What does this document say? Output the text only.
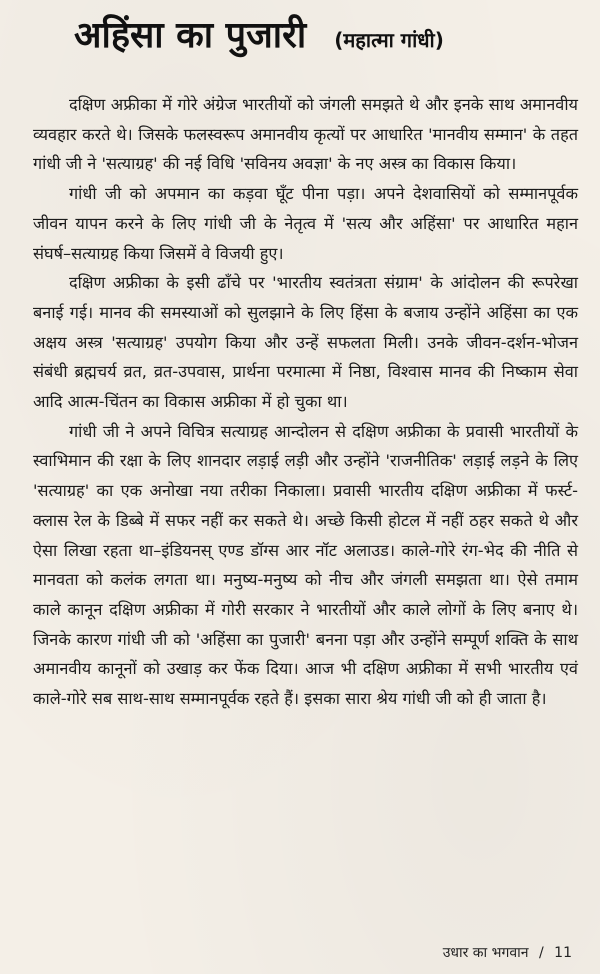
अहिंसा का पुजारी (महात्मा गांधी)

दक्षिण अफ्रीका में गोरे अंग्रेज भारतीयों को जंगली समझते थे और इनके साथ अमानवीय व्यवहार करते थे। जिसके फलस्वरूप अमानवीय कृत्यों पर आधारित 'मानवीय सम्मान' के तहत गांधी जी ने 'सत्याग्रह' की नई विधि 'सविनय अवज्ञा' के नए अस्त्र का विकास किया।

गांधी जी को अपमान का कड़वा घूँट पीना पड़ा। अपने देशवासियों को सम्मानपूर्वक जीवन यापन करने के लिए गांधी जी के नेतृत्व में 'सत्य और अहिंसा' पर आधारित महान संघर्ष–सत्याग्रह किया जिसमें वे विजयी हुए।

दक्षिण अफ्रीका के इसी ढाँचे पर 'भारतीय स्वतंत्रता संग्राम' के आंदोलन की रूपरेखा बनाई गई। मानव की समस्याओं को सुलझाने के लिए हिंसा के बजाय उन्होंने अहिंसा का एक अक्षय अस्त्र 'सत्याग्रह' उपयोग किया और उन्हें सफलता मिली। उनके जीवन-दर्शन-भोजन संबंधी ब्रह्मचर्य व्रत, व्रत-उपवास, प्रार्थना परमात्मा में निष्ठा, विश्वास मानव की निष्काम सेवा आदि आत्म-चिंतन का विकास अफ्रीका में हो चुका था।

गांधी जी ने अपने विचित्र सत्याग्रह आन्दोलन से दक्षिण अफ्रीका के प्रवासी भारतीयों के स्वाभिमान की रक्षा के लिए शानदार लड़ाई लड़ी और उन्होंने 'राजनीतिक' लड़ाई लड़ने के लिए 'सत्याग्रह' का एक अनोखा नया तरीका निकाला। प्रवासी भारतीय दक्षिण अफ्रीका में फर्स्ट-क्लास रेल के डिब्बे में सफर नहीं कर सकते थे। अच्छे किसी होटल में नहीं ठहर सकते थे और ऐसा लिखा रहता था–इंडियनस् एण्ड डॉग्स आर नॉट अलाउड। काले-गोरे रंग-भेद की नीति से मानवता को कलंक लगता था। मनुष्य-मनुष्य को नीच और जंगली समझता था। ऐसे तमाम काले कानून दक्षिण अफ्रीका में गोरी सरकार ने भारतीयों और काले लोगों के लिए बनाए थे। जिनके कारण गांधी जी को 'अहिंसा का पुजारी' बनना पड़ा और उन्होंने सम्पूर्ण शक्ति के साथ अमानवीय कानूनों को उखाड़ कर फेंक दिया। आज भी दक्षिण अफ्रीका में सभी भारतीय एवं काले-गोरे सब साथ-साथ सम्मानपूर्वक रहते हैं। इसका सारा श्रेय गांधी जी को ही जाता है।

उधार का भगवान / 11
